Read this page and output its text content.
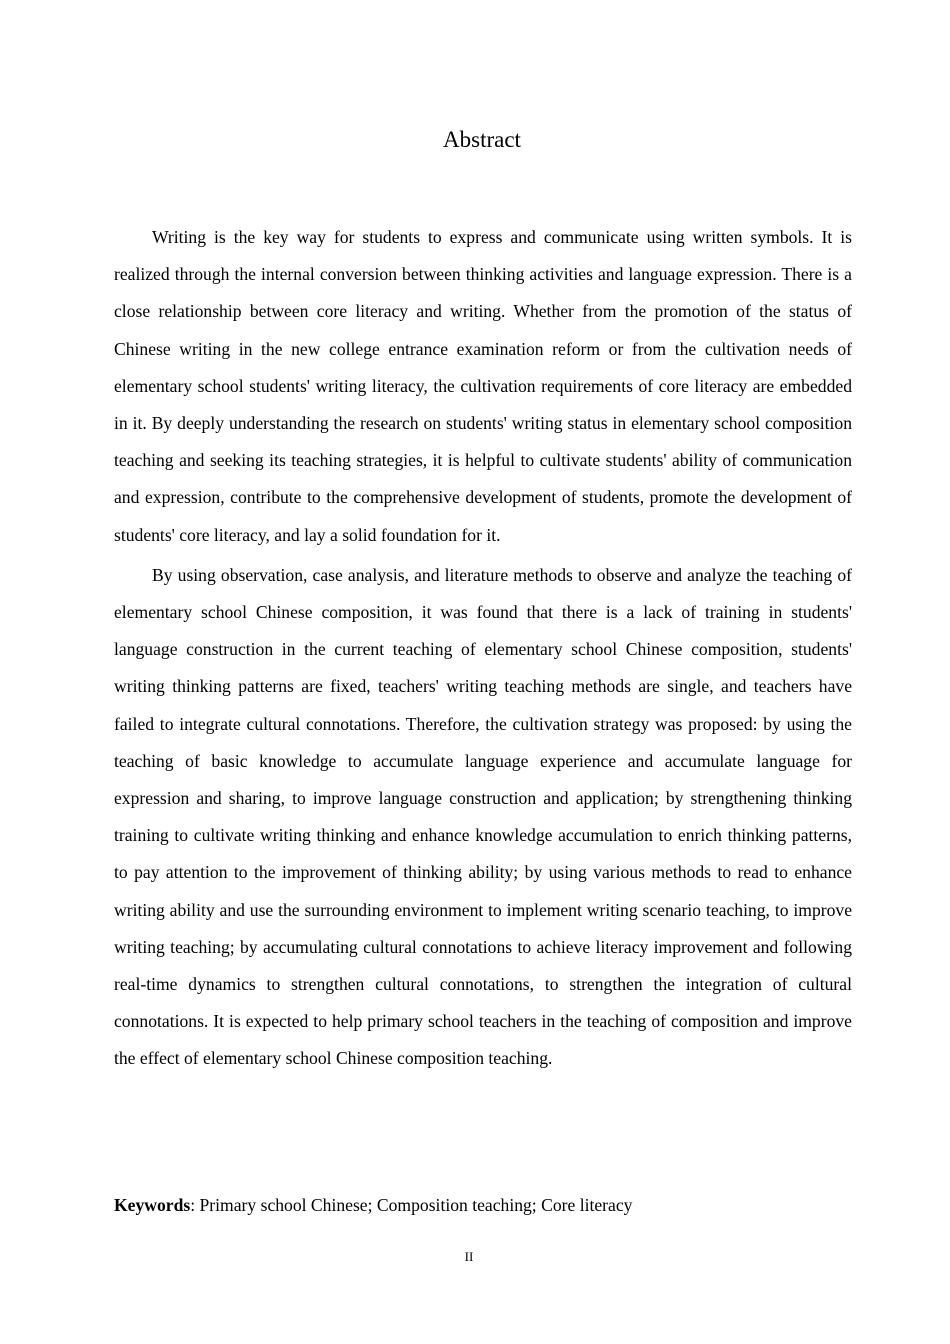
Abstract

Writing is the key way for students to express and communicate using written symbols. It is realized through the internal conversion between thinking activities and language expression. There is a close relationship between core literacy and writing. Whether from the promotion of the status of Chinese writing in the new college entrance examination reform or from the cultivation needs of elementary school students' writing literacy, the cultivation requirements of core literacy are embedded in it. By deeply understanding the research on students' writing status in elementary school composition teaching and seeking its teaching strategies, it is helpful to cultivate students' ability of communication and expression, contribute to the comprehensive development of students, promote the development of students' core literacy, and lay a solid foundation for it.

By using observation, case analysis, and literature methods to observe and analyze the teaching of elementary school Chinese composition, it was found that there is a lack of training in students' language construction in the current teaching of elementary school Chinese composition, students' writing thinking patterns are fixed, teachers' writing teaching methods are single, and teachers have failed to integrate cultural connotations. Therefore, the cultivation strategy was proposed: by using the teaching of basic knowledge to accumulate language experience and accumulate language for expression and sharing, to improve language construction and application; by strengthening thinking training to cultivate writing thinking and enhance knowledge accumulation to enrich thinking patterns, to pay attention to the improvement of thinking ability; by using various methods to read to enhance writing ability and use the surrounding environment to implement writing scenario teaching, to improve writing teaching; by accumulating cultural connotations to achieve literacy improvement and following real-time dynamics to strengthen cultural connotations, to strengthen the integration of cultural connotations. It is expected to help primary school teachers in the teaching of composition and improve the effect of elementary school Chinese composition teaching.

Keywords: Primary school Chinese; Composition teaching; Core literacy

II
